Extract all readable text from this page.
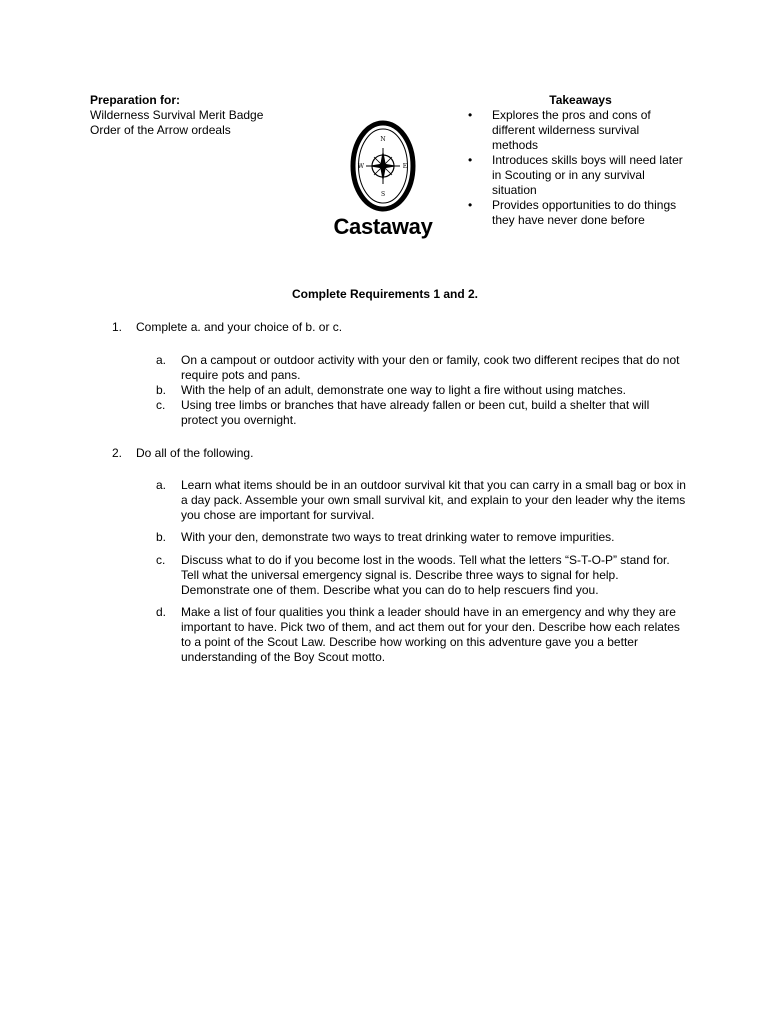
Preparation for:
Wilderness Survival Merit Badge
Order of the Arrow ordeals
N
S
E
W
Castaway
Takeaways
• Explores the pros and cons of different wilderness survival methods
• Introduces skills boys will need later in Scouting or in any survival situation
• Provides opportunities to do things they have never done before
Complete Requirements 1 and 2.
1. Complete a. and your choice of b. or c.
a. On a campout or outdoor activity with your den or family, cook two different recipes that do not require pots and pans.
b. With the help of an adult, demonstrate one way to light a fire without using matches.
c. Using tree limbs or branches that have already fallen or been cut, build a shelter that will protect you overnight.
2. Do all of the following.
a. Learn what items should be in an outdoor survival kit that you can carry in a small bag or box in a day pack. Assemble your own small survival kit, and explain to your den leader why the items you chose are important for survival.
b. With your den, demonstrate two ways to treat drinking water to remove impurities.
c. Discuss what to do if you become lost in the woods. Tell what the letters “S-T-O-P” stand for. Tell what the universal emergency signal is. Describe three ways to signal for help. Demonstrate one of them. Describe what you can do to help rescuers find you.
d. Make a list of four qualities you think a leader should have in an emergency and why they are important to have. Pick two of them, and act them out for your den. Describe how each relates to a point of the Scout Law. Describe how working on this adventure gave you a better understanding of the Boy Scout motto.
